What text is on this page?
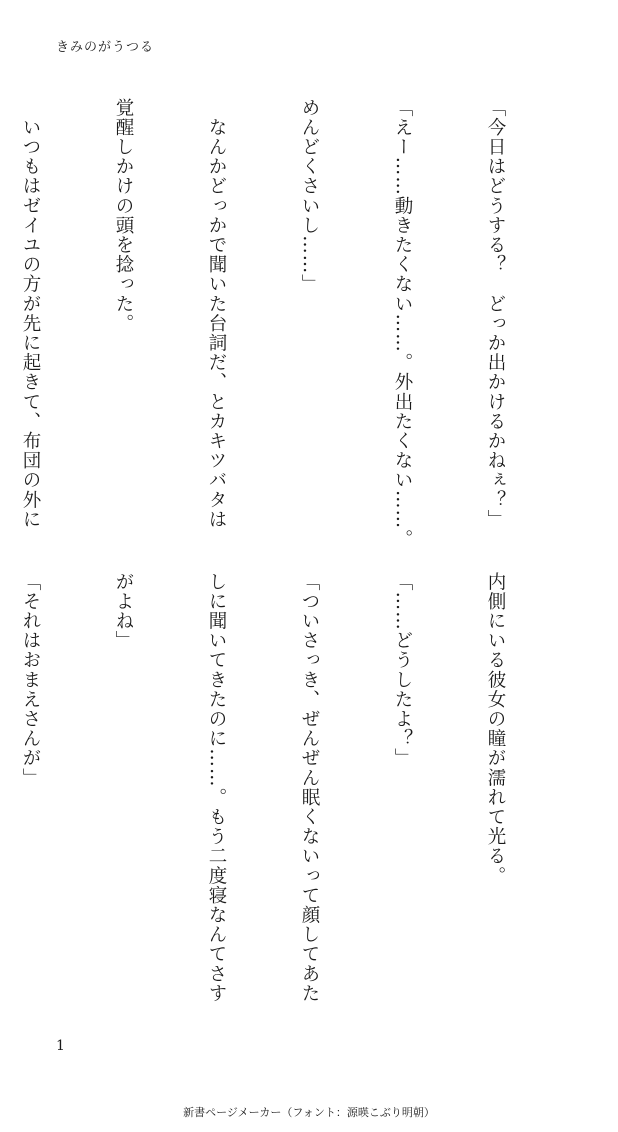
きみのがうつる

「今日はどうする？　どっか出かけるかねぇ？」

「えー……動きたくない……。外出たくない……。

めんどくさいし……」

　なんかどっかで聞いた台詞だ、とカキツバタは

覚醒しかけの頭を捻った。

　いつもはゼイユの方が先に起きて、布団の外に

内側にいる彼女の瞳が濡れて光る。

「……どうしたよ？」

「ついさっき、ぜんぜん眠くないって顔してあた

しに聞いてきたのに……。もう二度寝なんてさす

がよね」

「それはおまえさんが」

1
新書ページメーカー（フォント：源暎こぶり明朝）
